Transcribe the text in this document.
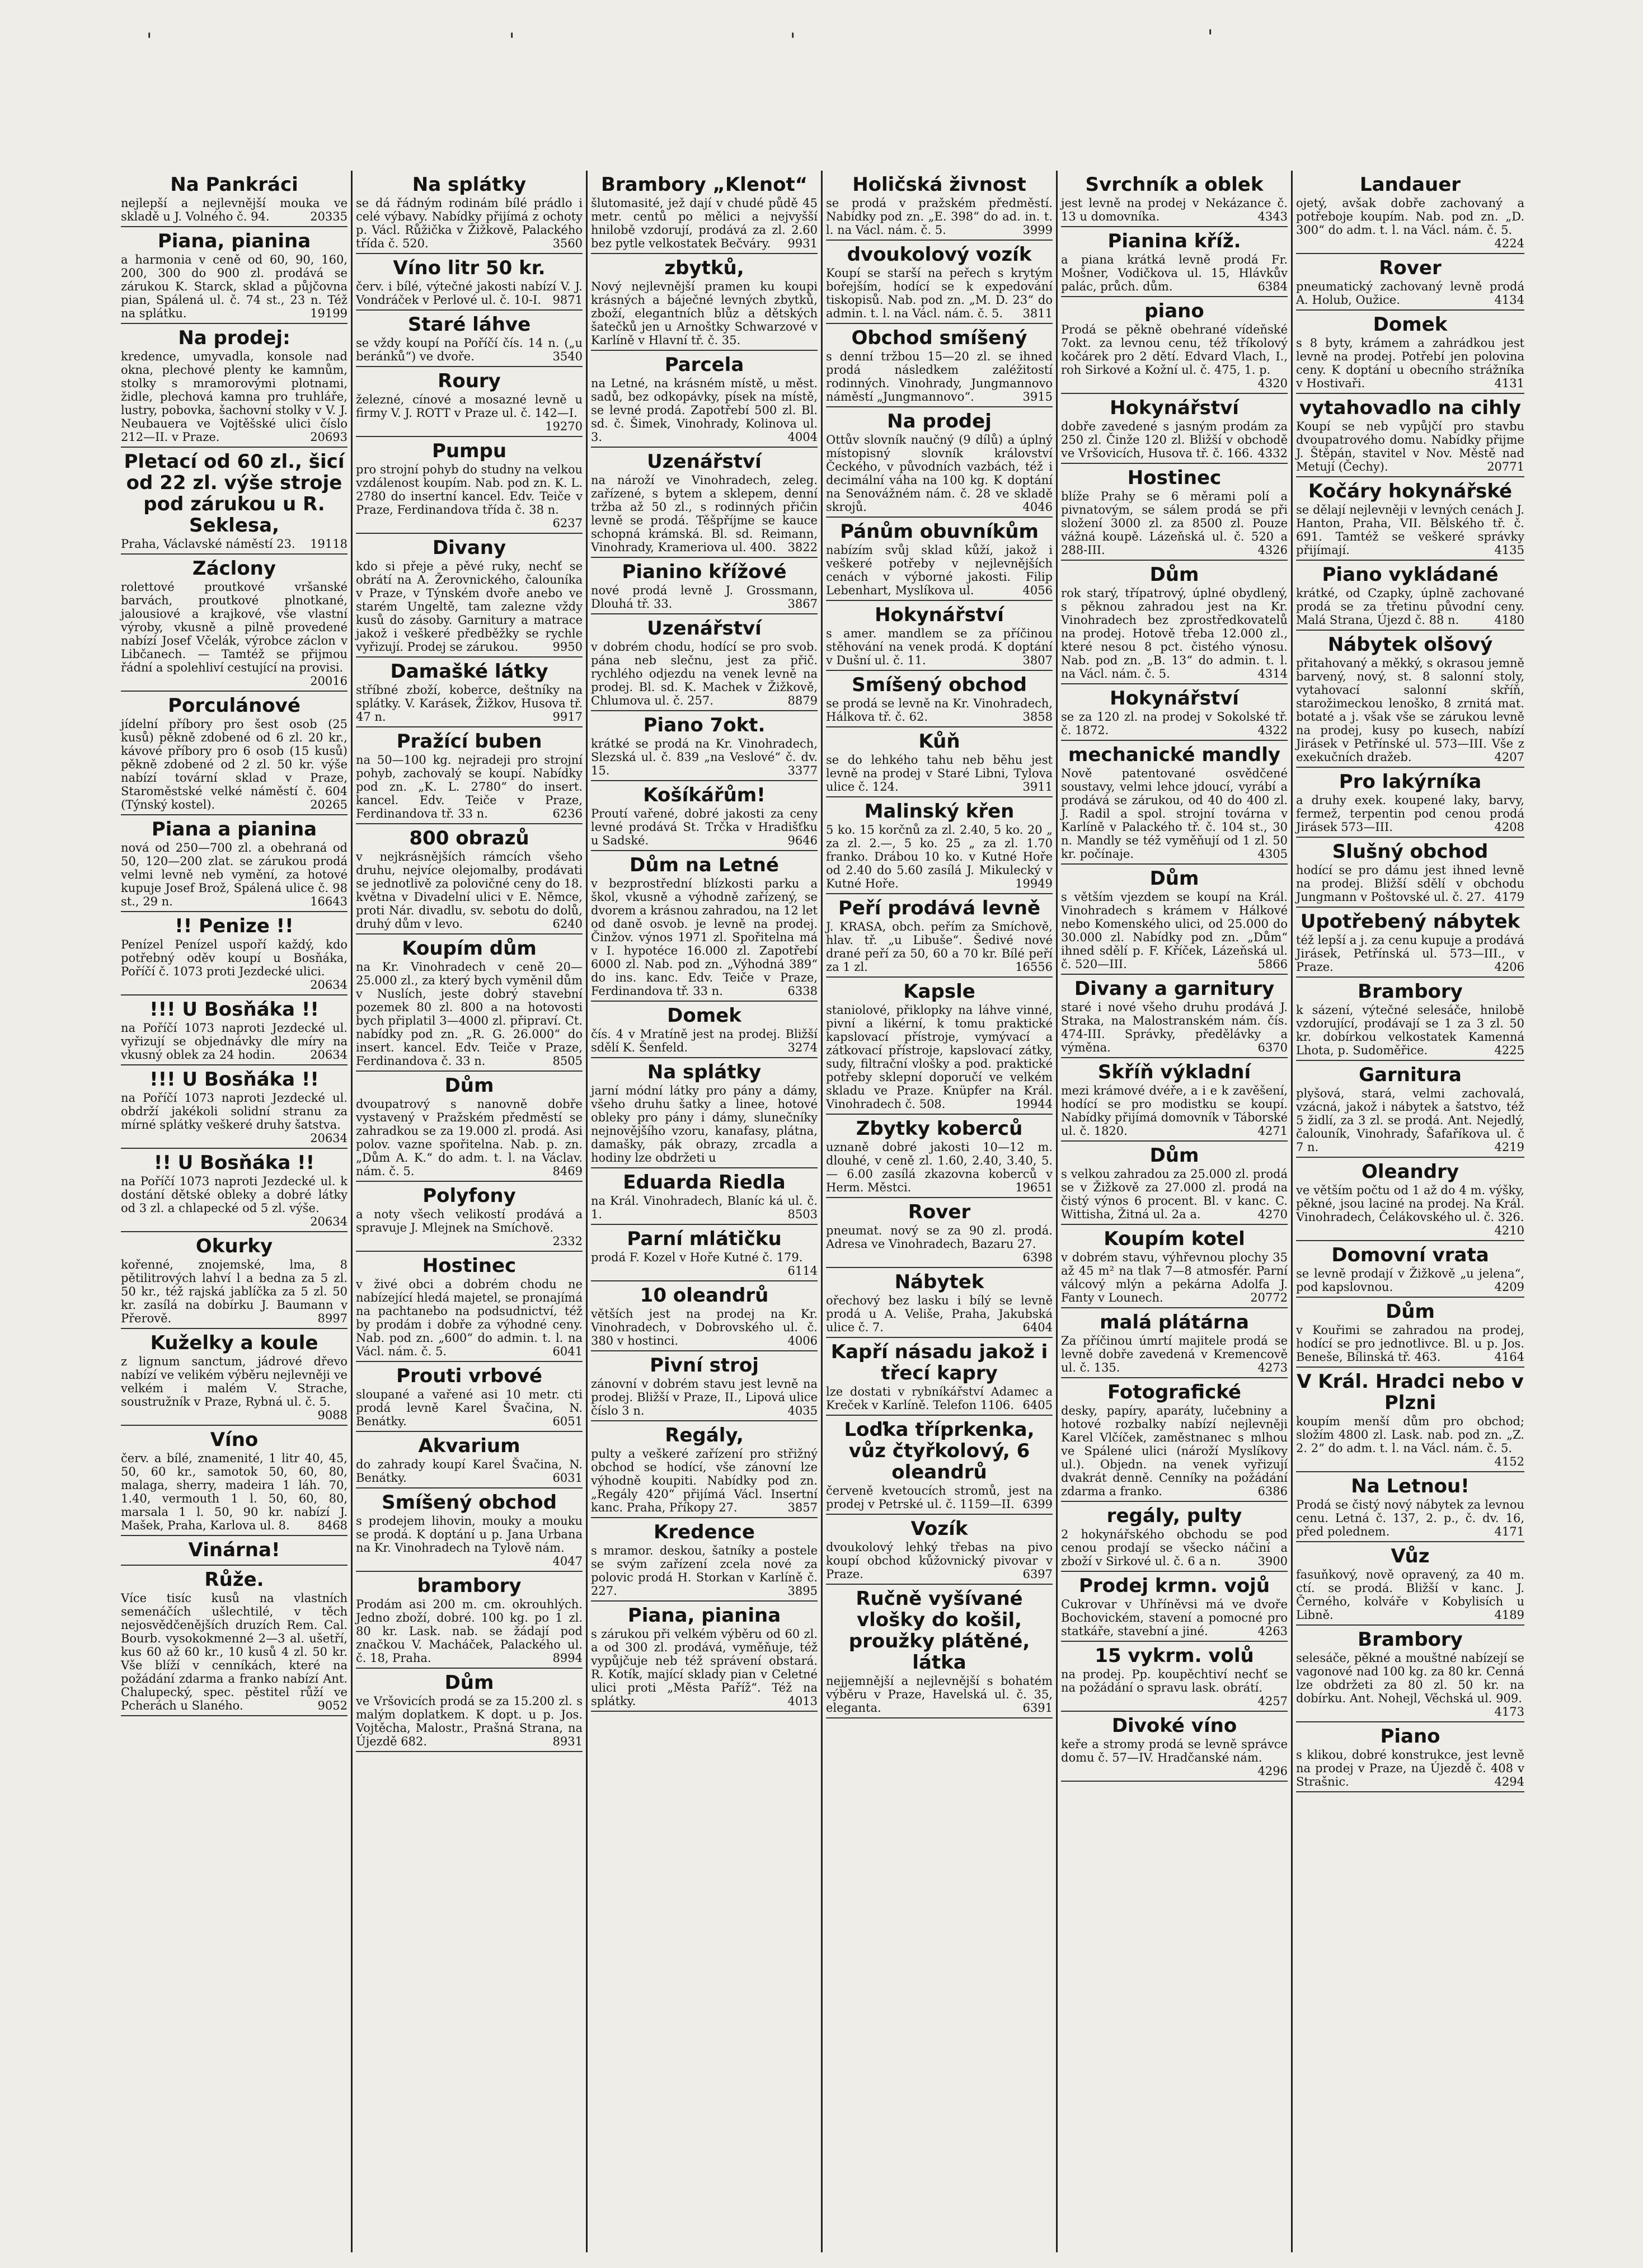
'	'	'	'
Na Pankráci
nejlepší a nejlevnější mouka ve skladě u J. Volného č. 94.	20335
Piana, pianina
a harmonia v ceně od 60, 90, 160, 200, 300 do 900 zl. prodává se zárukou K. Starck, sklad a půjčovna pian, Spálená ul. č. 74 st., 23 n. Též na splátku.	19199
Na prodej:
kredence, umyvadla, konsole nad okna, plechové plenty ke kamnům, stolky s mramorovými plotnami, židle, plechová kamna pro truhláře, lustry, pobovka, šachovní stolky v V. J. Neubauera ve Vojtěšské ulici číslo 212—II. v Praze.	20693
Pletací od 60 zl., šicí od 22 zl. výše stroje pod zárukou u R. Seklesa,
Praha, Václavské náměstí 23. 19118
Záclony
rolettové proutkové vršanské barvách, proutkové plnotkané, jalousiové a krajkové, vše vlastní výroby, vkusně a pilně provedené nabízí Josef Včelák, výrobce záclon v Libčanech. — Tamtéž se přijmou řádní a spolehliví cestující na provisi.
20016
Porculánové
jídelní příbory pro šest osob (25 kusů) pěkně zdobené od 6 zl. 20 kr., kávové příbory pro 6 osob (15 kusů) pěkně zdobené od 2 zl. 50 kr. výše nabízí tovární sklad v Praze, Staroměstské velké náměstí č. 604 (Týnský kostel).	20265
Piana a pianina
nová od 250—700 zl. a obehraná od 50, 120—200 zlat. se zárukou prodá velmi levně neb vymění, za hotové kupuje Josef Brož, Spálená ulice č. 98 st., 29 n.	16643
!! Penize !!
Penízel Penízel uspoří každý, kdo potřebný oděv koupí u Bosňáka, Poříčí č. 1073 proti Jezdecké ulici.
20634
!!! U Bosňáka !!
na Poříčí 1073 naproti Jezdecké ul. vyřizují se objednávky dle míry na vkusný oblek za 24 hodin.	20634
!!! U Bosňáka !!
na Poříčí 1073 naproti Jezdecké ul. obdrží jakékoli solidní stranu za mírné splátky veškeré druhy šatstva.
20634
!! U Bosňáka !!
na Poříčí 1073 naproti Jezdecké ul. k dostání dětské obleky a dobré látky od 3 zl. a chlapecké od 5 zl. výše.
20634
Okurky
kořenné, znojemské, lma, 8 pětilitrových lahví l a bedna za 5 zl. 50 kr., též rajská jablíčka za 5 zl. 50 kr. zasílá na dobírku J. Baumann v Přerově.	8997
Kuželky a koule
z lignum sanctum, jádrové dřevo nabízí ve velikém výběru nejlevněji ve velkém i malém V. Strache, soustružník v Praze, Rybná ul. č. 5.
9088
Víno
červ. a bílé, znamenité, 1 litr 40, 45, 50, 60 kr., samotok 50, 60, 80, malaga, sherry, madeira 1 láh. 70, 1.40, vermouth 1 l. 50, 60, 80, marsala 1 l. 50, 90 kr. nabízí J. Mašek, Praha, Karlova ul. 8. 8468
Vinárna!
Růže.
Více tisíc kusů na vlastních semenáčích ušlechtilé, v těch nejosvědčenějších druzích Rem. Cal. Bourb. vysokokmenné 2—3 al. ušetří, kus 60 až 60 kr., 10 kusů 4 zl. 50 kr. Vše blíží v cenníkách, které na požádání zdarma a franko nabízí Ant. Chalupecký, spec. pěstitel růží ve Pcherách u Slaného.	9052
Na splátky
se dá řádným rodinám bílé prádlo i celé výbavy. Nabídky přijímá z ochoty p. Václ. Růžička v Žižkově, Palackého třída č. 520.	3560
Víno litr 50 kr.
červ. i bílé, výtečné jakosti nabízí V. J. Vondráček v Perlové ul. č. 10-I. 9871
Staré láhve
se vždy koupí na Poříčí čís. 14 n. („u beránků“) ve dvoře.	3540
Roury
železné, cínové a mosazné levně u firmy V. J. ROTT v Praze ul. č. 142—I.
19270
Pumpu
pro strojní pohyb do studny na velkou vzdálenost koupím. Nab. pod zn. K. L. 2780 do insertní kancel. Edv. Teiče v Praze, Ferdinandova třída č. 38 n.
6237
Divany
kdo si přeje a pěvé ruky, nechť se obrátí na A. Žerovnického, čalouníka v Praze, v Týnském dvoře anebo ve starém Ungeltě, tam zalezne vždy kusů do zásoby. Garnitury a matrace jakož i veškeré předběžky se rychle vyřizují. Prodej se zárukou.	9950
Damašké látky
stříbné zboží, koberce, deštníky na splátky. V. Karásek, Žižkov, Husova tř. 47 n.	9917
Pražící buben
na 50—100 kg. nejradeji pro strojní pohyb, zachovalý se koupí. Nabídky pod zn. „K. L. 2780“ do insert. kancel. Edv. Teiče v Praze, Ferdinandova tř. 33 n.	6236
800 obrazů
v nejkrásnějších rámcích všeho druhu, nejvíce olejomalby, prodávati se jednotlivě za polovičné ceny do 18. května v Divadelní ulici v E. Němce, proti Nár. divadlu, sv. sebotu do dolů, druhý dům v levo.	6240
Koupím dům
na Kr. Vinohradech v ceně 20—25.000 zl., za který bych vyměnil dům v Nuslích, jeste dobrý stavební pozemek 80 zl. 800 a na hotovosti bych připlatil 3—4000 zl. připraví. Ct. nabídky pod zn. „R. G. 26.000“ do insert. kancel. Edv. Teiče v Praze, Ferdinandova č. 33 n.	8505
Dům
dvoupatrový s nanovně dobře vystavený v Pražském předměstí se zahradkou se za 19.000 zl. prodá. Asi polov. vazne spořitelna. Nab. p. zn. „Dům A. K.“ do adm. t. l. na Václav. nám. č. 5.	8469
Polyfony
a noty všech velikostí prodává a spravuje J. Mlejnek na Smíchově.
2332
Hostinec
v živé obci a dobrém chodu ne nabízející hledá majetel, se pronajímá na pachtanebo na podsudnictví, též by prodám i dobře za výhodné ceny. Nab. pod zn. „600“ do admin. t. l. na Václ. nám. č. 5.	6041
Prouti vrbové
sloupané a vařené asi 10 metr. cti prodá levně Karel Švačina, N. Benátky.	6051
Akvarium
do zahrady koupí Karel Švačina, N. Benátky.	6031
Smíšený obchod
s prodejem lihovin, mouky a mouku se prodá. K doptání u p. Jana Urbana na Kr. Vinohradech na Tylově nám.
4047
brambory
Prodám asi 200 m. cm. okrouhlých. Jedno zboží, dobré. 100 kg. po 1 zl. 80 kr. Lask. nab. se žádají pod značkou V. Macháček, Palackého ul. č. 18, Praha.	8994
Dům
ve Vršovicích prodá se za 15.200 zl. s malým doplatkem. K dopt. u p. Jos. Vojtěcha, Malostr., Prašná Strana, na Újezdě 682.	8931
Brambory „Klenot“
šlutomasité, jež dají v chudé půdě 45 metr. centů po mělici a nejvyšší hnilobě vzdorují, prodává za zl. 2.60 bez pytle velkostatek Bečváry. 9931
zbytků,
Nový nejlevnější pramen ku koupi krásných a báječné levných zbytků, zboží, elegantních blůz a dětských šatečků jen u Arnoštky Schwarzové v Karlíně v Hlavní tř. č. 35.
Parcela
na Letné, na krásném místě, u měst. sadů, bez odkopávky, písek na místě, se levné prodá. Zapotřebí 500 zl. Bl. sd. č. Šimek, Vinohrady, Kolinova ul. 3.	4004
Uzenářství
na nároží ve Vinohradech, zeleg. zařízené, s bytem a sklepem, denní tržba až 50 zl., s rodinných přičin levně se prodá. Těšpříjme se kauce schopná krámská. Bl. sd. Reimann, Vinohrady, Krameriova ul. 400. 3822
Pianino křížové
nové prodá levně J. Grossmann, Dlouhá tř. 33.	3867
Uzenářství
v dobrém chodu, hodící se pro svob. pána neb slečnu, jest za přič. rychlého odjezdu na venek levně na prodej. Bl. sd. K. Machek v Žižkově, Chlumova ul. č. 257.	8879
Piano 7okt.
krátké se prodá na Kr. Vinohradech, Slezská ul. č. 839 „na Veslové“ č. dv. 15.	3377
Košíkářům!
Proutí vařené, dobré jakosti za ceny levné prodává St. Trčka v Hradišťku u Sadské.	9646
Dům na Letné
v bezprostřední blízkosti parku a škol, vkusně a výhodně zařízený, se dvorem a krásnou zahradou, na 12 let od daně osvob. je levně na prodej. Činžov. výnos 1971 zl. Spořitelna má v I. hypotéce 16.000 zl. Zapotřebí 6000 zl. Nab. pod zn. „Výhodná 389“ do ins. kanc. Edv. Teiče v Praze, Ferdinandova tř. 33 n.	6338
Domek
čís. 4 v Mratíně jest na prodej. Bližší sdělí K. Šenfeld.	3274
Na splátky
jarní módní látky pro pány a dámy, všeho druhu šatky a linee, hotové obleky pro pány i dámy, slunečníky nejnovějšího vzoru, kanafasy, plátna, damašky, pák obrazy, zrcadla a hodiny lze obdržeti u
Eduarda Riedla
na Král. Vinohradech, Blaníc ká ul. č. 1.	8503
Parní mlátičku
prodá F. Kozel v Hoře Kutné č. 179.
6114
10 oleandrů
větších jest na prodej na Kr. Vinohradech, v Dobrovského ul. č. 380 v hostinci.	4006
Pivní stroj
zánovní v dobrém stavu jest levně na prodej. Bližší v Praze, II., Lipová ulice číslo 3 n.	4035
Regály,
pulty a veškeré zařízení pro střižný obchod se hodící, vše zánovní lze výhodně koupiti. Nabídky pod zn. „Regály 420“ přijímá Václ. Insertní kanc. Praha, Příkopy 27.	3857
Kredence
s mramor. deskou, šatníky a postele se svým zařízení zcela nové za polovic prodá H. Storkan v Karlíně č. 227.	3895
Piana, pianina
s zárukou při velkém výběru od 60 zl. a od 300 zl. prodává, vyměňuje, též vypůjčuje neb též správení obstará. R. Kotík, mající sklady pian v Celetné ulici proti „Města Paříž“. Též na splátky.	4013
Holičská živnost
se prodá v pražském předměstí. Nabídky pod zn. „E. 398“ do ad. in. t. l. na Václ. nám. č. 5.	3999
dvoukolový vozík
Koupí se starší na peřech s krytým bořejším, hodící se k expedování tiskopisů. Nab. pod zn. „M. D. 23“ do admin. t. l. na Václ. nám. č. 5. 3811
Obchod smíšený
s denní tržbou 15—20 zl. se ihned prodá následkem zaléžitostí rodinných. Vinohrady, Jungmannovo náměstí „Jungmannovo“.	3915
Na prodej
Ottův slovník naučný (9 dílů) a úplný místopisný slovník království Čeckého, v původních vazbách, též i decimální váha na 100 kg. K doptání na Senovážném nám. č. 28 ve skladě skrojů.	4046
Pánům obuvníkům
nabízím svůj sklad kůží, jakož i veškeré potřeby v nejlevnějších cenách v výborné jakosti. Filip Lebenhart, Myslíkova ul.	4056
Hokynářství
s amer. mandlem se za příčinou stěhování na venek prodá. K doptání v Dušní ul. č. 11.	3807
Smíšený obchod
se prodá se levně na Kr. Vinohradech, Hálkova tř. č. 62.	3858
Kůň
se do lehkého tahu neb běhu jest levně na prodej v Staré Libni, Tylova ulice č. 124.	3911
Malinský křen
5 ko. 15 korčnů za zl. 2.40, 5 ko. 20 „ za zl. 2.—, 5 ko. 25 „ za zl. 1.70 franko. Drábou 10 ko. v Kutné Hoře od 2.40 do 5.60 zasílá J. Mikulecký v Kutné Hoře.	19949
Peří prodává levně
J. KRASA, obch. peřím za Smíchově, hlav. tř. „u Libuše“. Šedivé nové drané peří za 50, 60 a 70 kr. Bílé peří za 1 zl.	16556
Kapsle
staniolové, přiklopky na láhve vinné, pivní a likérní, k tomu praktické kapslovací přístroje, vymývací a zátkovací přístroje, kapslovací zátky, sudy, filtrační vlošky a pod. praktické potřeby sklepní doporučí ve velkém skladu ve Praze. Knüpfer na Král. Vinohradech č. 508.	19944
Zbytky koberců
uznaně dobré jakosti 10—12 m. dlouhé, v ceně zl. 1.60, 2.40, 3.40, 5.— 6.00 zasílá zkazovna koberců v Herm. Městci.	19651
Rover
pneumat. nový se za 90 zl. prodá. Adresa ve Vinohradech, Bazaru 27.
6398
Nábytek
ořechový bez lasku i bílý se levně prodá u A. Veliše, Praha, Jakubská ulice č. 7.	6404
Kapří násadu jakož i třecí kapry
lze dostati v rybníkářství Adamec a Kreček v Karlíně. Telefon 1106. 6405
Loďka tříprkenka, vůz čtyřkolový, 6 oleandrů
červeně kvetoucích stromů, jest na prodej v Petrské ul. č. 1159—II. 6399
Vozík
dvoukolový lehký třebas na pivo koupí obchod kůžovnický pivovar v Praze.	6397
Ručně vyšívané vlošky do košil, proužky plátěné, látka
nejjemnější a nejlevnější s bohatém výběru v Praze, Havelská ul. č. 35, eleganta.	6391
Svrchník a oblek
jest levně na prodej v Nekázance č. 13 u domovníka.	4343
Pianina kříž.
a piana krátká levně prodá Fr. Mošner, Vodičkova ul. 15, Hlávkův palác, průch. dům.	6384
piano
Prodá se pěkně obehrané vídeňské 7okt. za levnou cenu, též tříkolový kočárek pro 2 dětí. Edvard Vlach, I., roh Sirkové a Kožní ul. č. 475, 1. p.
4320
Hokynářství
dobře zavedené s jasným prodám za 250 zl. Činže 120 zl. Bližší v obchodě ve Vršovicích, Husova tř. č. 166. 4332
Hostinec
blíže Prahy se 6 měrami polí a pivnatovým, se sálem prodá se při složení 3000 zl. za 8500 zl. Pouze vážná koupě. Lázeňská ul. č. 520 a 288-III.	4326
Dům
rok starý, třípatrový, úplné obydlený, s pěknou zahradou jest na Kr. Vinohradech bez zprostředkovatelů na prodej. Hotově třeba 12.000 zl., které nesou 8 pct. čistého výnosu. Nab. pod zn. „B. 13“ do admin. t. l. na Václ. nám. č. 5.	4314
Hokynářství
se za 120 zl. na prodej v Sokolské tř. č. 1872.	4322
mechanické mandly
Nově patentované osvědčené soustavy, velmi lehce jdoucí, vyrábí a prodává se zárukou, od 40 do 400 zl. J. Radil a spol. strojní továrna v Karlíně v Palackého tř. č. 104 st., 30 n. Mandly se též vyměňují od 1 zl. 50 kr. počínaje.	4305
Dům
s větším vjezdem se koupí na Král. Vinohradech s krámem v Hálkové nebo Komenského ulici, od 25.000 do 30.000 zl. Nabídky pod zn. „Dům“ ihned sdělí p. F. Kříček, Lázeňská ul. č. 520—III.	5866
Divany a garnitury
staré i nové všeho druhu prodává J. Straka, na Malostranském nám. čís. 474-III. Správky, předělávky a výměna.	6370
Skříň výkladní
mezi krámové dvéře, a i e k zavěšení, hodící se pro modistku se koupí. Nabídky přijímá domovník v Táborské ul. č. 1820.	4271
Dům
s velkou zahradou za 25.000 zl. prodá se v Žižkově za 27.000 zl. prodá na čistý výnos 6 procent. Bl. v kanc. C. Wittisha, Žitná ul. 2a a.	4270
Koupím kotel
v dobrém stavu, výhřevnou plochy 35 až 45 m² na tlak 7—8 atmosfér. Parní válcový mlýn a pekárna Adolfa J. Fanty v Lounech.	20772
malá plátárna
Za příčinou úmrtí majitele prodá se levně dobře zavedená v Kremencově ul. č. 135.	4273
Fotografické
desky, papíry, aparáty, lučebniny a hotové rozbalky nabízí nejlevněji Karel Vlčíček, zaměstnanec s mlhou ve Spálené ulici (nároží Myslíkovy ul.). Objedn. na venek vyřizují dvakrát denně. Cenníky na požádání zdarma a franko.	6386
regály, pulty
2 hokynářského obchodu se pod cenou prodají se všecko náčiní a zboží v Sirkové ul. č. 6 a n.	3900
Prodej krmn. vojů
Cukrovar v Uhříněvsi má ve dvoře Bochovickém, stavení a pomocné pro statkáře, stavební a jiné.	4263
15 vykrm. volů
na prodej. Pp. koupěchtiví nechť se na požádání o spravu lask. obrátí.
4257
Divoké víno
keře a stromy prodá se levně správce domu č. 57—IV. Hradčanské nám.
4296
Landauer
ojetý, avšak dobře zachovaný a potřeboje koupím. Nab. pod zn. „D. 300“ do adm. t. l. na Václ. nám. č. 5.
4224
Rover
pneumatický zachovaný levně prodá A. Holub, Oužice.	4134
Domek
s 8 byty, krámem a zahrádkou jest levně na prodej. Potřebí jen polovina ceny. K doptání u obecního strážníka v Hostivaři.	4131
vytahovadlo na cihly
Koupí se neb vypůjčí pro stavbu dvoupatrového domu. Nabídky přijme J. Štěpán, stavitel v Nov. Městě nad Metují (Čechy).	20771
Kočáry hokynářské
se dělají nejlevněji v levných cenách J. Hanton, Praha, VII. Bělského tř. č. 691. Tamtéž se veškeré správky přijímají.	4135
Piano vykládané
krátké, od Czapky, úplně zachované prodá se za třetinu původní ceny. Malá Strana, Újezd č. 88 n.	4180
Nábytek olšový
přitahovaný a měkký, s okrasou jemně barvený, nový, st. 8 salonní stoly, vytahovací salonní skříň, starožimeckou lenoško, 8 zrnitá mat. botaté a j. však vše se zárukou levně na prodej, kusy po kusech, nabízí Jirásek v Petřínské ul. 573—III. Vše z exekučních dražeb.	4207
Pro lakýrníka
a druhy exek. koupené laky, barvy, fermež, terpentin pod cenou prodá Jirásek 573—III.	4208
Slušný obchod
hodící se pro dámu jest ihned levně na prodej. Bližší sdělí v obchodu Jungmann v Poštovské ul. č. 27. 4179
Upotřebený nábytek
též lepší a j. za cenu kupuje a prodává Jirásek, Petřínská ul. 573—III., v Praze.	4206
Brambory
k sázení, výtečné selesáče, hnilobě vzdorující, prodávají se 1 za 3 zl. 50 kr. dobírkou velkostatek Kamenná Lhota, p. Sudoměřice.	4225
Garnitura
plyšová, stará, velmi zachovalá, vzácná, jakož i nábytek a šatstvo, též 5 židlí, za 3 zl. se prodá. Ant. Nejedlý, čalouník, Vinohrady, Šafaříkova ul. č 7 n.	4219
Oleandry
ve větším počtu od 1 až do 4 m. výšky, pěkné, jsou laciné na prodej. Na Král. Vinohradech, Čelákovského ul. č. 326.
4210
Domovní vrata
se levně prodají v Žižkově „u jelena“, pod kapslovnou.	4209
Dům
v Kouřimi se zahradou na prodej, hodící se pro jednotlivce. Bl. u p. Jos. Beneše, Bílinská tř. 463.	4164
V Král. Hradci nebo v Plzni
koupím menší dům pro obchod; složím 4800 zl. Lask. nab. pod zn. „Z. 2. 2“ do adm. t. l. na Václ. nám. č. 5.
4152
Na Letnou!
Prodá se čistý nový nábytek za levnou cenu. Letná č. 137, 2. p., č. dv. 16, před polednem.	4171
Vůz
fasuňkový, nově opravený, za 40 m. ctí. se prodá. Bližší v kanc. J. Černého, kolváře v Kobylisích u Libně.	4189
Brambory
selesáče, pěkné a mouštné nabízejí se vagonové nad 100 kg. za 80 kr. Cenná lze obdržeti za 80 zl. 50 kr. na dobírku. Ant. Nohejl, Věchská ul. 909.
4173
Piano
s klikou, dobré konstrukce, jest levně na prodej v Praze, na Újezdě č. 408 v Strašnic.	4294
